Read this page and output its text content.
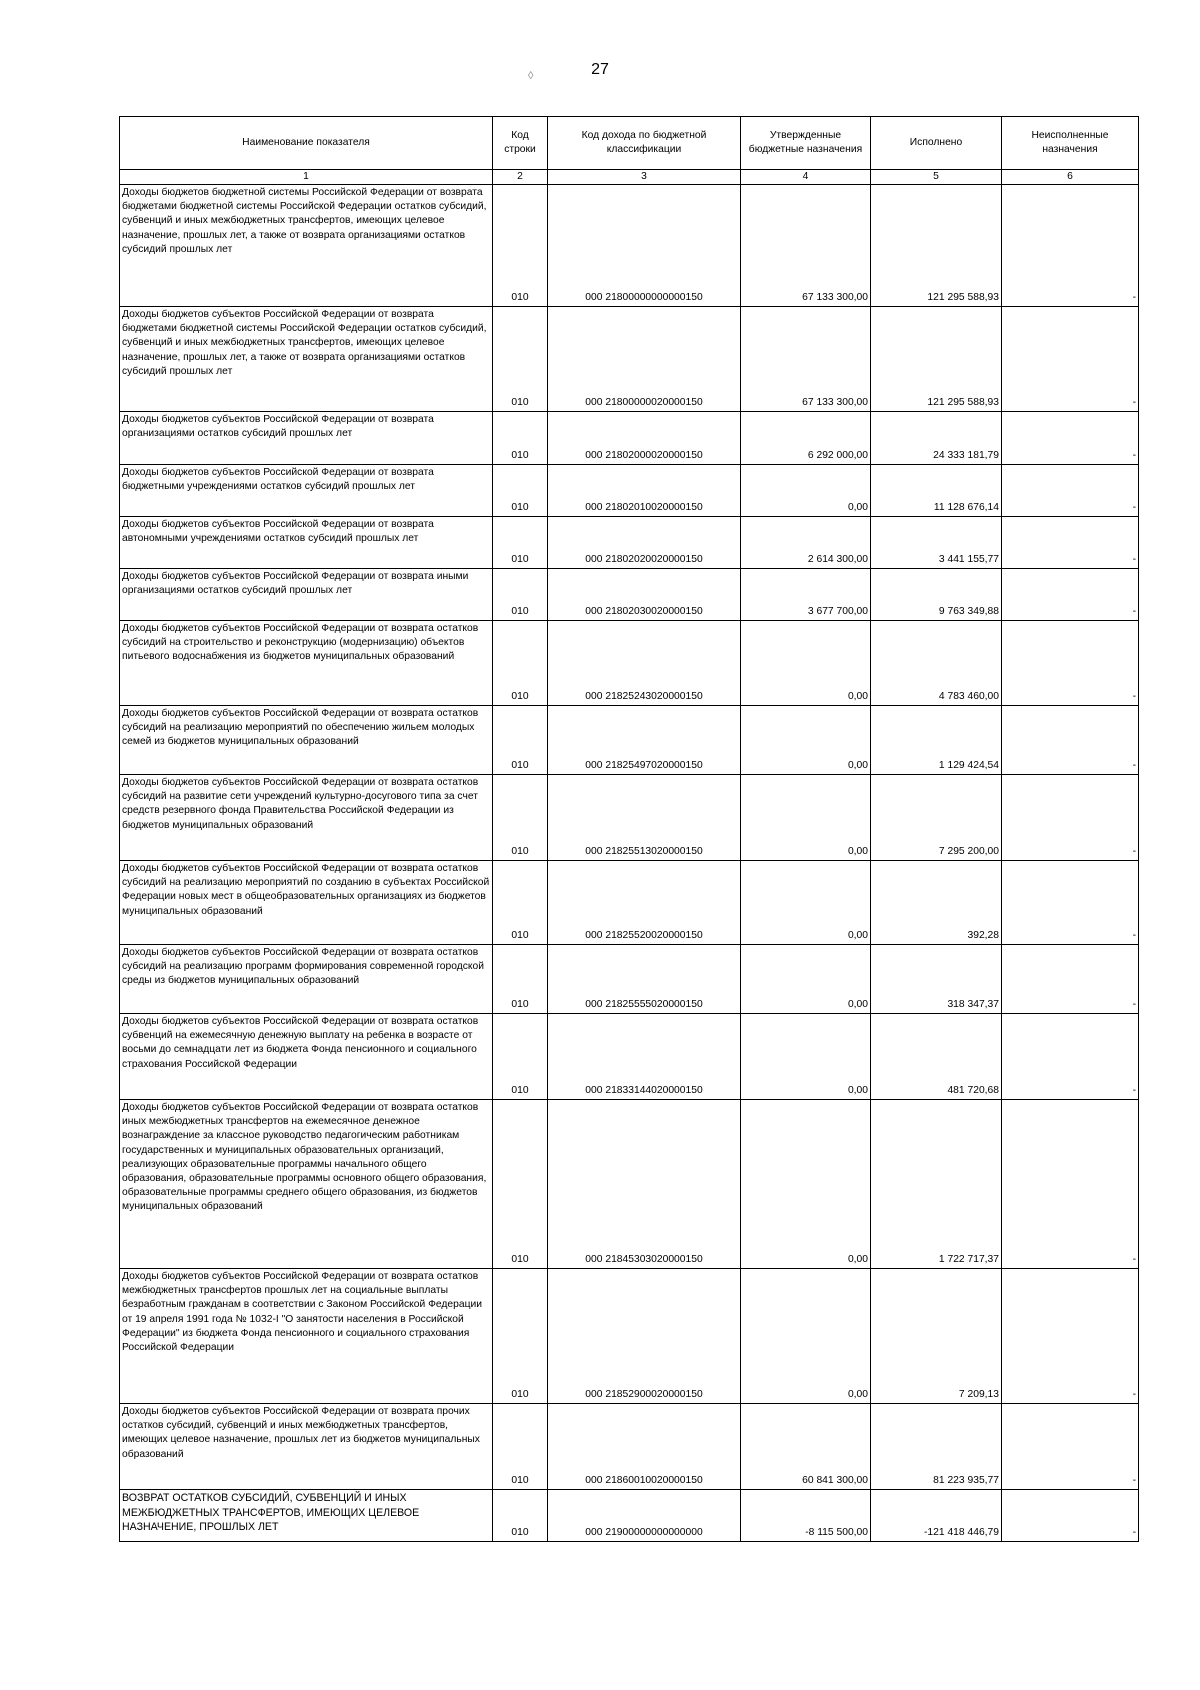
27
◊
Наименование показателя	Код строки	Код дохода по бюджетной классификации	Утвержденные бюджетные назначения	Исполнено	Неисполненные назначения
1	2	3	4	5	6
Доходы бюджетов бюджетной системы Российской Федерации от возврата бюджетами бюджетной системы Российской Федерации остатков субсидий, субвенций и иных межбюджетных трансфертов, имеющих целевое назначение, прошлых лет, а также от возврата организациями остатков субсидий прошлых лет	010	000 21800000000000150	67 133 300,00	121 295 588,93	-
Доходы бюджетов субъектов Российской Федерации от возврата бюджетами бюджетной системы Российской Федерации остатков субсидий, субвенций и иных межбюджетных трансфертов, имеющих целевое назначение, прошлых лет, а также от возврата организациями остатков субсидий прошлых лет	010	000 21800000020000150	67 133 300,00	121 295 588,93	-
Доходы бюджетов субъектов Российской Федерации от возврата организациями остатков субсидий прошлых лет	010	000 21802000020000150	6 292 000,00	24 333 181,79	-
Доходы бюджетов субъектов Российской Федерации от возврата бюджетными учреждениями остатков субсидий прошлых лет	010	000 21802010020000150	0,00	11 128 676,14	-
Доходы бюджетов субъектов Российской Федерации от возврата автономными учреждениями остатков субсидий прошлых лет	010	000 21802020020000150	2 614 300,00	3 441 155,77	-
Доходы бюджетов субъектов Российской Федерации от возврата иными организациями остатков субсидий прошлых лет	010	000 21802030020000150	3 677 700,00	9 763 349,88	-
Доходы бюджетов субъектов Российской Федерации от возврата остатков субсидий на строительство и реконструкцию (модернизацию) объектов питьевого водоснабжения из бюджетов муниципальных образований	010	000 21825243020000150	0,00	4 783 460,00	-
Доходы бюджетов субъектов Российской Федерации от возврата остатков субсидий на реализацию мероприятий по обеспечению жильем молодых семей из бюджетов муниципальных образований	010	000 21825497020000150	0,00	1 129 424,54	-
Доходы бюджетов субъектов Российской Федерации от возврата остатков субсидий на развитие сети учреждений культурно-досугового типа за счет средств резервного фонда Правительства Российской Федерации из бюджетов муниципальных образований	010	000 21825513020000150	0,00	7 295 200,00	-
Доходы бюджетов субъектов Российской Федерации от возврата остатков субсидий на реализацию мероприятий по созданию в субъектах Российской Федерации новых мест в общеобразовательных организациях из бюджетов муниципальных образований	010	000 21825520020000150	0,00	392,28	-
Доходы бюджетов субъектов Российской Федерации от возврата остатков субсидий на реализацию программ формирования современной городской среды из бюджетов муниципальных образований	010	000 21825555020000150	0,00	318 347,37	-
Доходы бюджетов субъектов Российской Федерации от возврата остатков субвенций на ежемесячную денежную выплату на ребенка в возрасте от восьми до семнадцати лет из бюджета Фонда пенсионного и социального страхования Российской Федерации	010	000 21833144020000150	0,00	481 720,68	-
Доходы бюджетов субъектов Российской Федерации от возврата остатков иных межбюджетных трансфертов на ежемесячное денежное вознаграждение за классное руководство педагогическим работникам государственных и муниципальных образовательных организаций, реализующих образовательные программы начального общего образования, образовательные программы основного общего образования, образовательные программы среднего общего образования, из бюджетов муниципальных образований	010	000 21845303020000150	0,00	1 722 717,37	-
Доходы бюджетов субъектов Российской Федерации от возврата остатков межбюджетных трансфертов прошлых лет на социальные выплаты безработным гражданам в соответствии с Законом Российской Федерации от 19 апреля 1991 года № 1032-I "О занятости населения в Российской Федерации" из бюджета Фонда пенсионного и социального страхования Российской Федерации	010	000 21852900020000150	0,00	7 209,13	-
Доходы бюджетов субъектов Российской Федерации от возврата прочих остатков субсидий, субвенций и иных межбюджетных трансфертов, имеющих целевое назначение, прошлых лет из бюджетов муниципальных образований	010	000 21860010020000150	60 841 300,00	81 223 935,77	-
ВОЗВРАТ ОСТАТКОВ СУБСИДИЙ, СУБВЕНЦИЙ И ИНЫХ МЕЖБЮДЖЕТНЫХ ТРАНСФЕРТОВ, ИМЕЮЩИХ ЦЕЛЕВОЕ НАЗНАЧЕНИЕ, ПРОШЛЫХ ЛЕТ	010	000 21900000000000000	-8 115 500,00	-121 418 446,79	-
